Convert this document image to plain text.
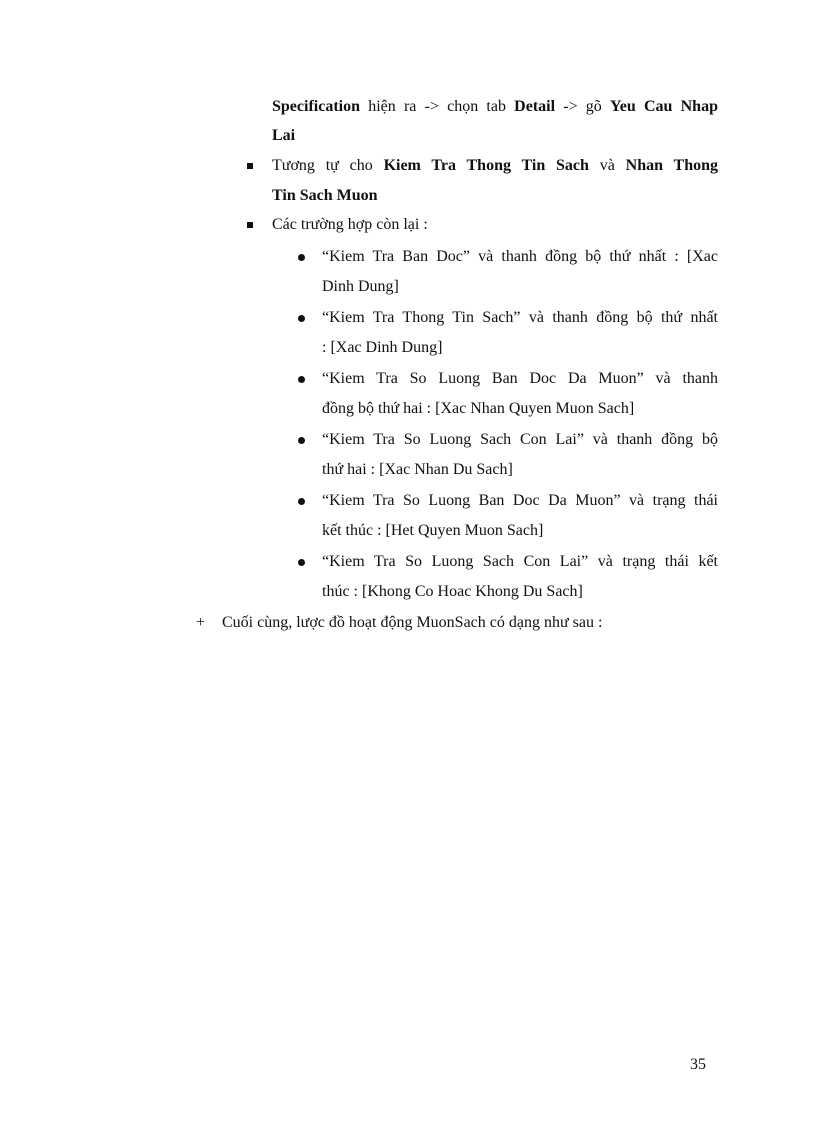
Specification hiện ra -> chọn tab Detail -> gõ Yeu Cau Nhap
Lai
Tương tự cho Kiem Tra Thong Tin Sach và Nhan Thong
Tin Sach Muon
Các trường hợp còn lại :
“Kiem Tra Ban Doc” và thanh đồng bộ thứ nhất : [Xac
Dinh Dung]
“Kiem Tra Thong Tin Sach” và thanh đồng bộ thứ nhất
: [Xac Dinh Dung]
“Kiem Tra So Luong Ban Doc Da Muon” và thanh
đồng bộ thứ hai : [Xac Nhan Quyen Muon Sach]
“Kiem Tra So Luong Sach Con Lai” và thanh đồng bộ
thứ hai : [Xac Nhan Du Sach]
“Kiem Tra So Luong Ban Doc Da Muon” và trạng thái
kết thúc : [Het Quyen Muon Sach]
“Kiem Tra So Luong Sach Con Lai” và trạng thái kết
thúc : [Khong Co Hoac Khong Du Sach]
+ Cuối cùng, lược đồ hoạt động MuonSach có dạng như sau :
35
